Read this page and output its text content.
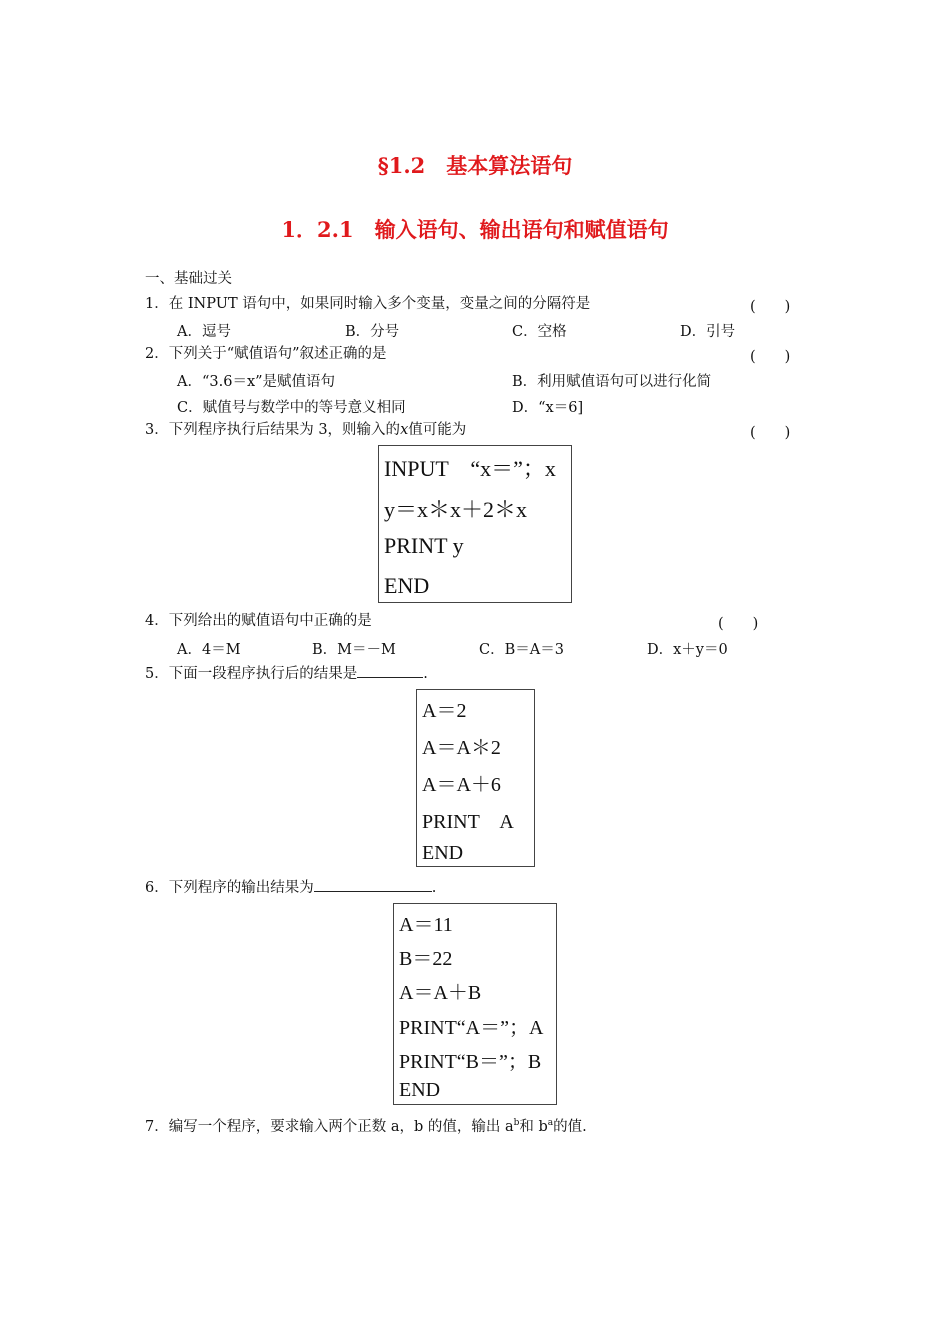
§1.2　基本算法语句
1．2.1　输入语句、输出语句和赋值语句
一、基础过关
1．在 INPUT 语句中，如果同时输入多个变量，变量之间的分隔符是	(　　)
A．逗号	B．分号	C．空格	D．引号
2．下列关于“赋值语句”叙述正确的是	(　　)
A．“3.6＝x”是赋值语句	B．利用赋值语句可以进行化简
C．赋值号与数学中的等号意义相同	D．“x＝6]
3．下列程序执行后结果为 3，则输入的x值可能为	(　　)
INPUT　“x＝”；x
y＝x＊x＋2＊x
PRINT y
END
4．下列给出的赋值语句中正确的是	(　　)
A．4＝M	B．M＝－M	C．B＝A＝3	D．x＋y＝0
5．下面一段程序执行后的结果是	.
A＝2
A＝A＊2
A＝A＋6
PRINT　A
END
6．下列程序的输出结果为	.
A＝11
B＝22
A＝A＋B
PRINT“A＝”；A
PRINT“B＝”；B
END
7．编写一个程序，要求输入两个正数 a，b 的值，输出 $a^b$和 $b^a$的值.
